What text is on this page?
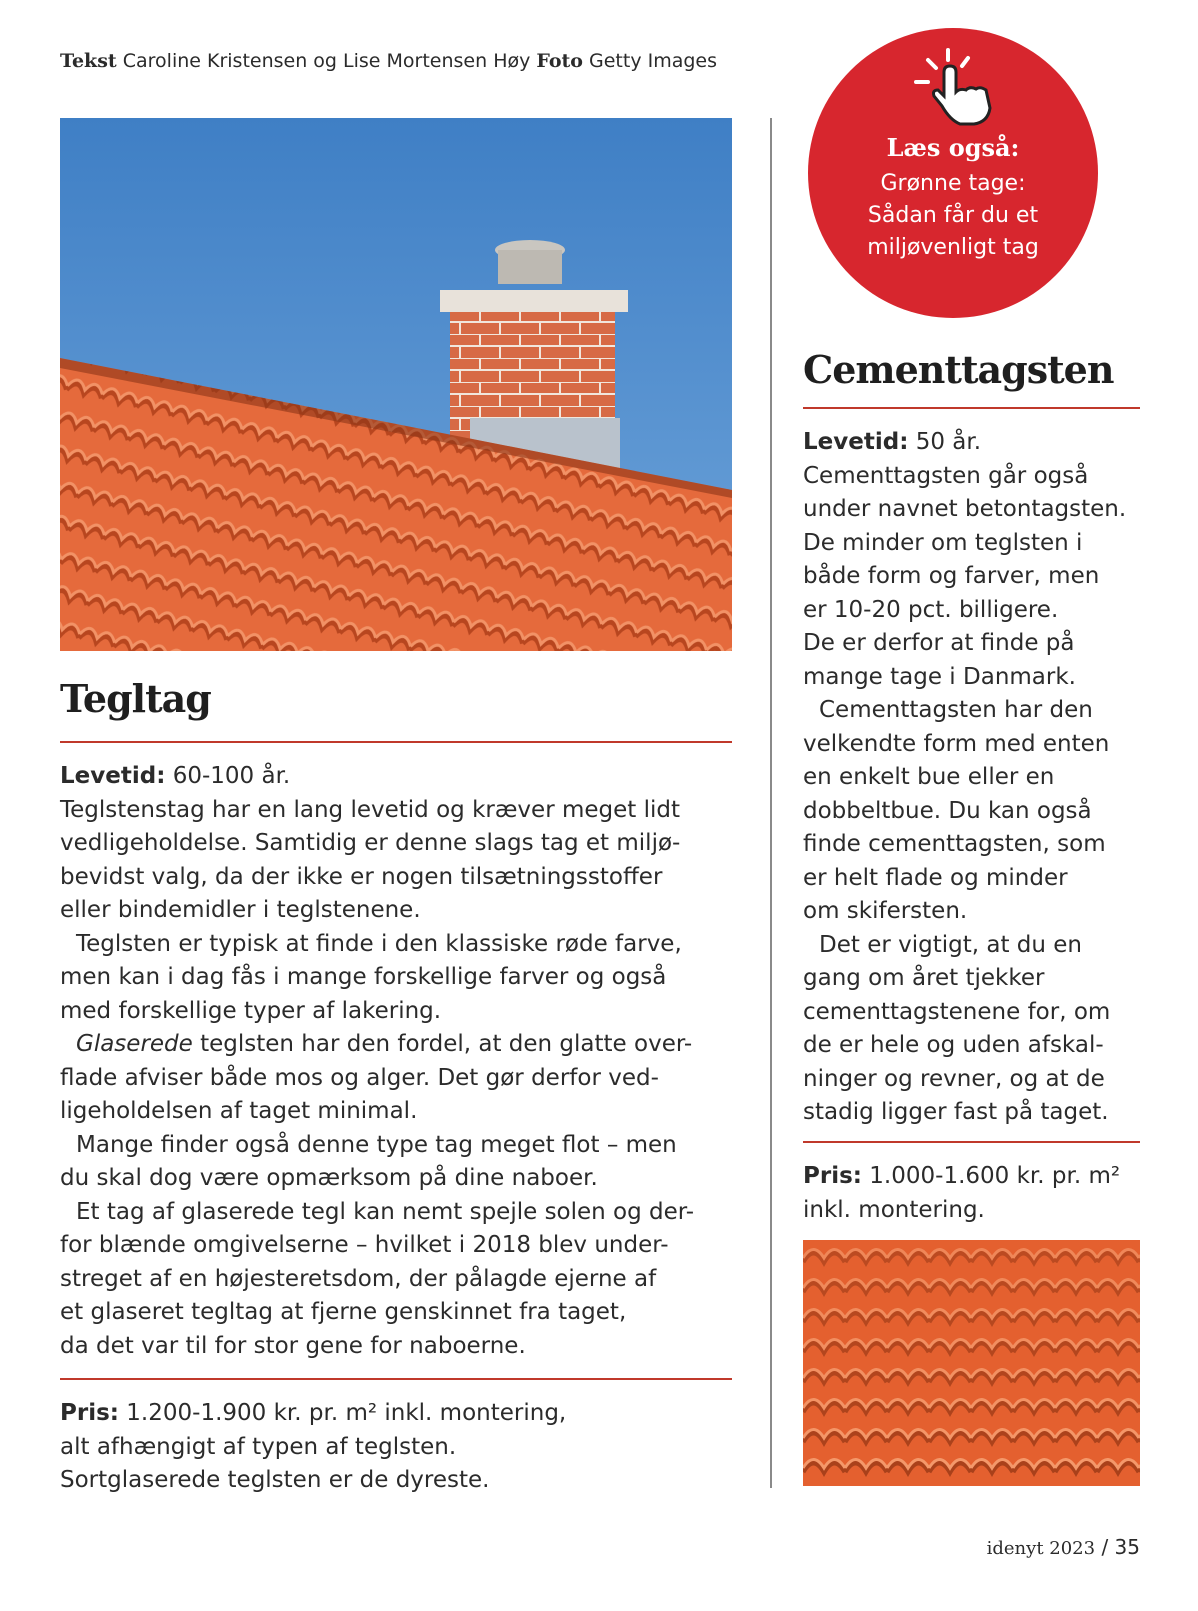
Tekst Caroline Kristensen og Lise Mortensen Høy Foto Getty Images
Læs også:
Grønne tage:
Sådan får du et
miljøvenligt tag
Tegltag
Levetid: 60-100 år.
Teglstenstag har en lang levetid og kræver meget lidt
vedligeholdelse. Samtidig er denne slags tag et miljø-
bevidst valg, da der ikke er nogen tilsætningsstoffer
eller bindemidler i teglstenene.
Teglsten er typisk at finde i den klassiske røde farve,
men kan i dag fås i mange forskellige farver og også
med forskellige typer af lakering.
Glaserede teglsten har den fordel, at den glatte over-
flade afviser både mos og alger. Det gør derfor ved-
ligeholdelsen af taget minimal.
Mange finder også denne type tag meget flot – men
du skal dog være opmærksom på dine naboer.
Et tag af glaserede tegl kan nemt spejle solen og der-
for blænde omgivelserne – hvilket i 2018 blev under-
streget af en højesteretsdom, der pålagde ejerne af
et glaseret tegltag at fjerne genskinnet fra taget,
da det var til for stor gene for naboerne.
Pris: 1.200-1.900 kr. pr. m² inkl. montering,
alt afhængigt af typen af teglsten.
Sortglaserede teglsten er de dyreste.
Cementtagsten
Levetid: 50 år.
Cementtagsten går også
under navnet betontagsten.
De minder om teglsten i
både form og farver, men
er 10-20 pct. billigere.
De er derfor at finde på
mange tage i Danmark.
Cementtagsten har den
velkendte form med enten
en enkelt bue eller en
dobbeltbue. Du kan også
finde cementtagsten, som
er helt flade og minder
om skifersten.
Det er vigtigt, at du en
gang om året tjekker
cementtagstenene for, om
de er hele og uden afskal-
ninger og revner, og at de
stadig ligger fast på taget.
Pris: 1.000-1.600 kr. pr. m²
inkl. montering.
idenyt 2023 / 35
